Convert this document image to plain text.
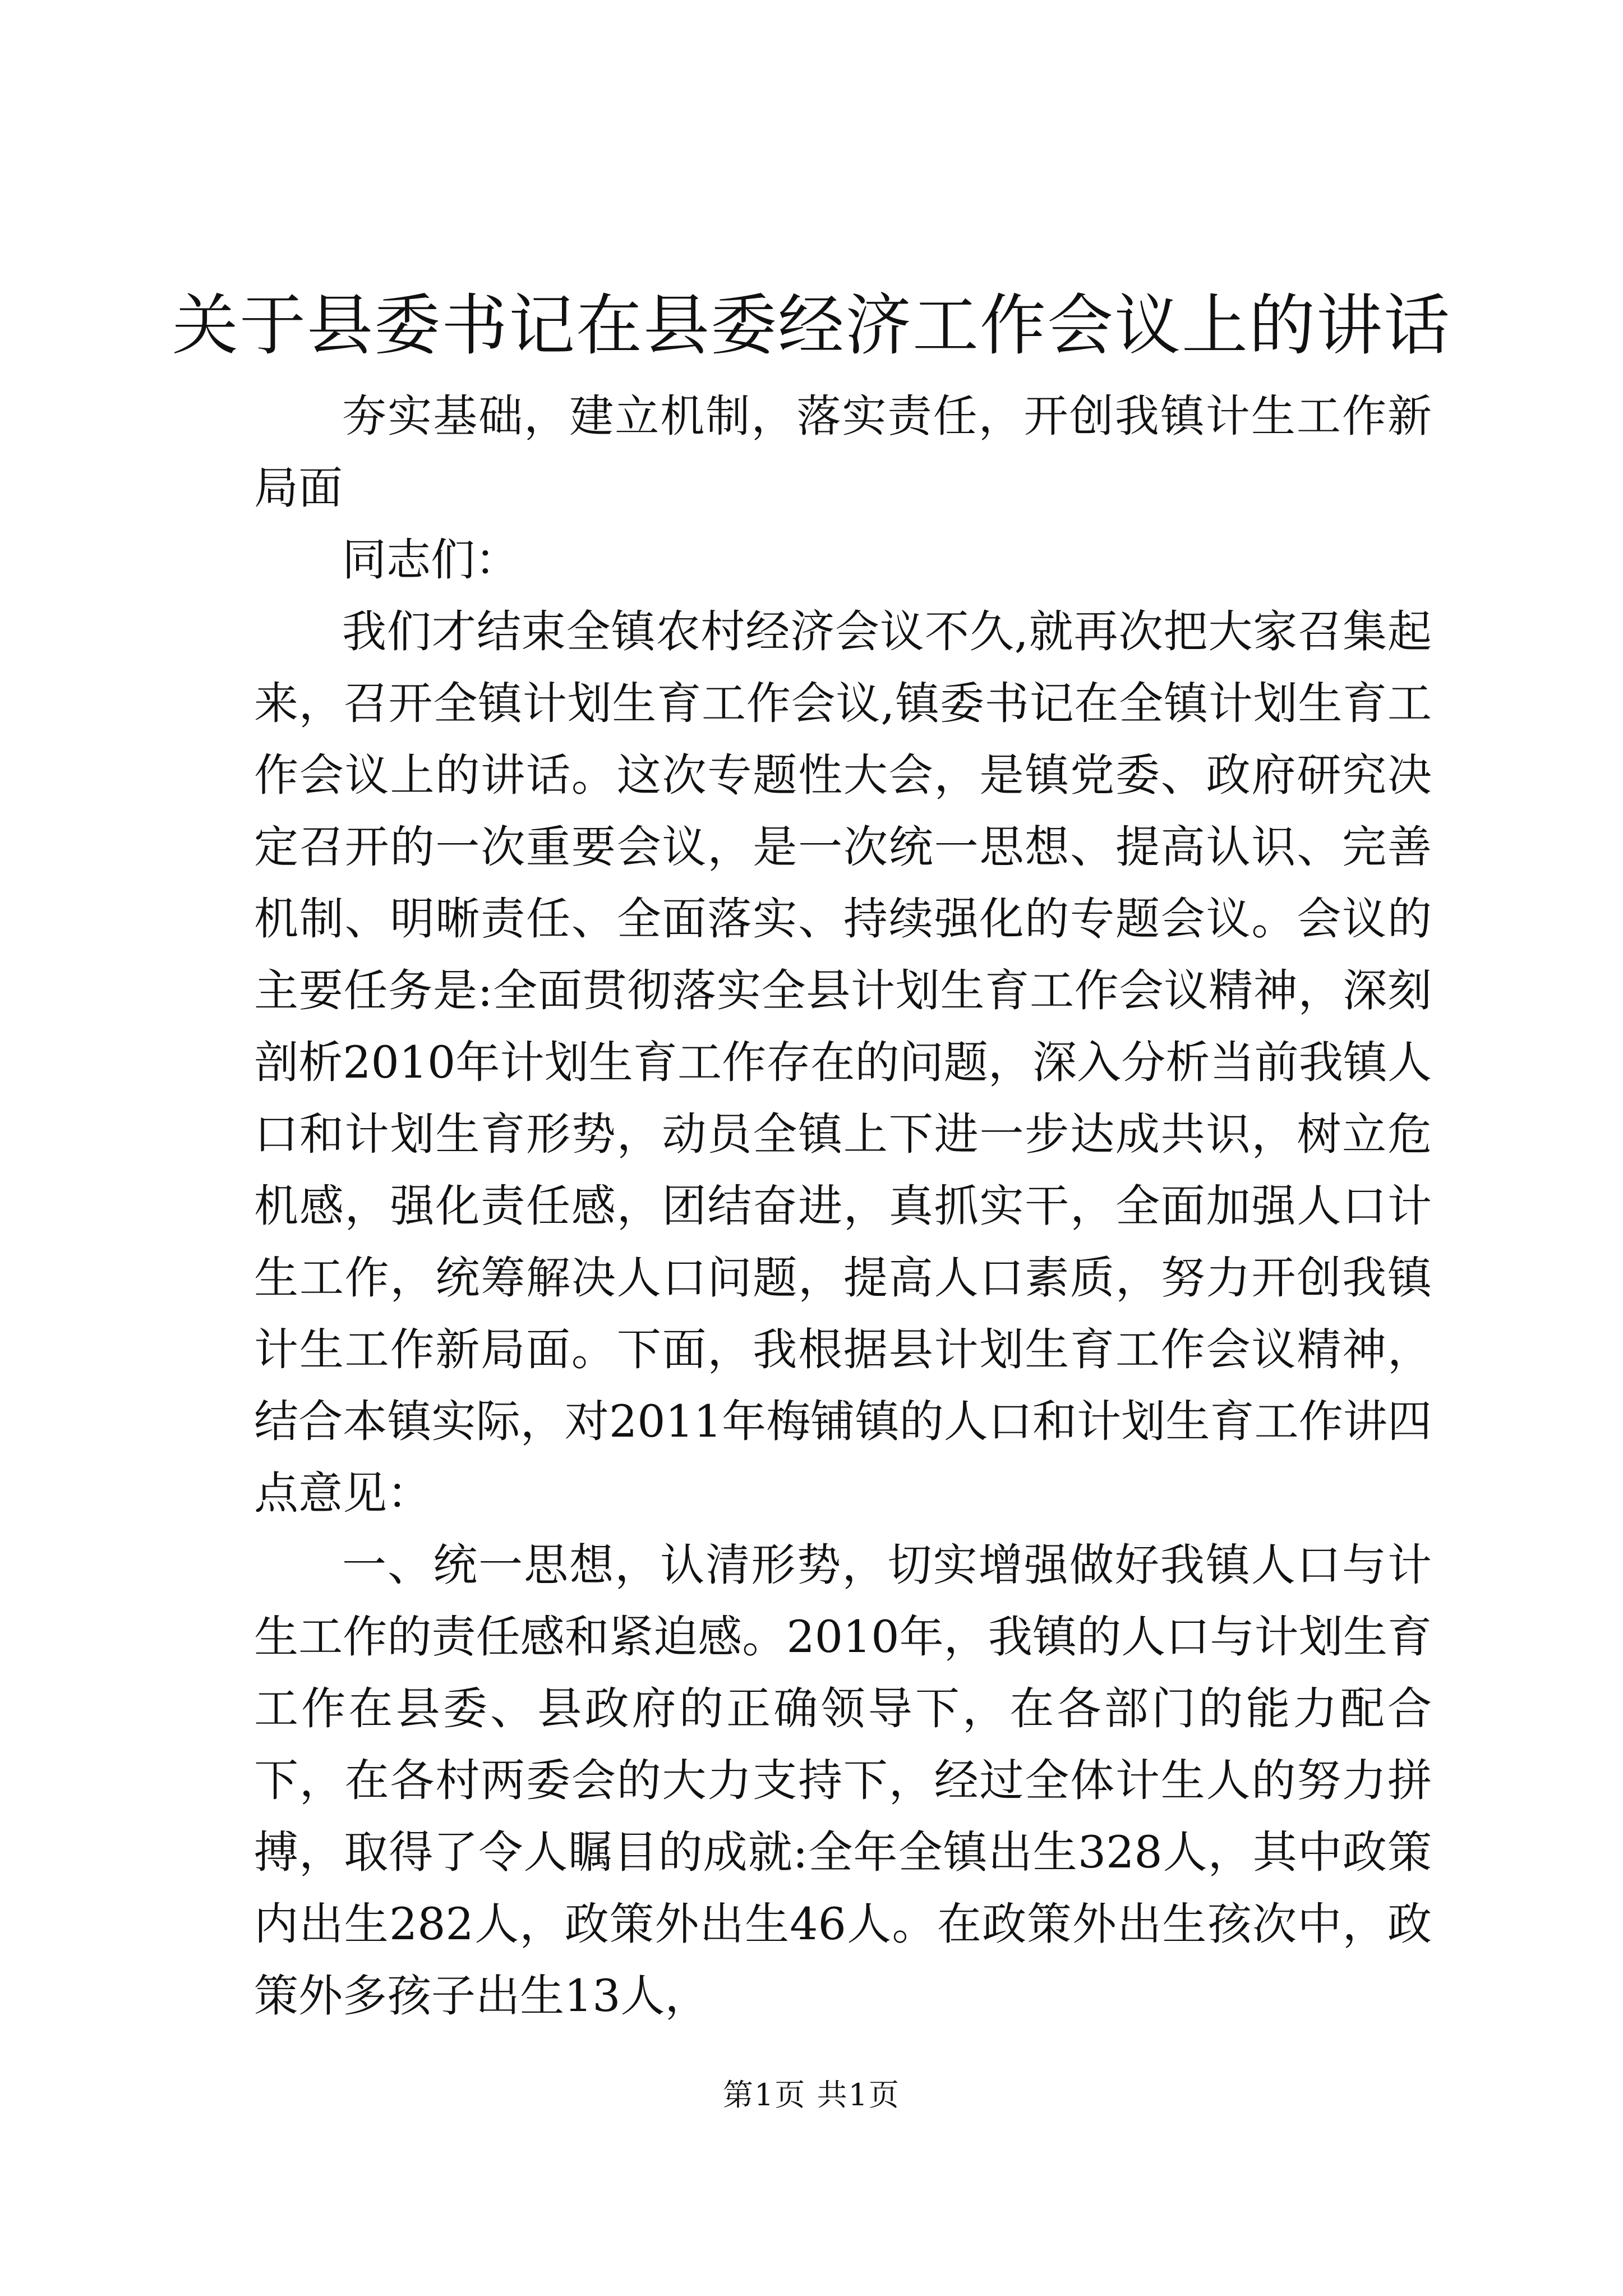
关于县委书记在县委经济工作会议上的讲话

夯实基础，建立机制，落实责任，开创我镇计生工作新局面

同志们：

我们才结束全镇农村经济会议不久,就再次把大家召集起来，召开全镇计划生育工作会议,镇委书记在全镇计划生育工作会议上的讲话。这次专题性大会，是镇党委、政府研究决定召开的一次重要会议，是一次统一思想、提高认识、完善机制、明晰责任、全面落实、持续强化的专题会议。会议的主要任务是:全面贯彻落实全县计划生育工作会议精神，深刻剖析2010年计划生育工作存在的问题，深入分析当前我镇人口和计划生育形势，动员全镇上下进一步达成共识，树立危机感，强化责任感，团结奋进，真抓实干，全面加强人口计生工作，统筹解决人口问题，提高人口素质，努力开创我镇计生工作新局面。下面，我根据县计划生育工作会议精神，结合本镇实际，对2011年梅铺镇的人口和计划生育工作讲四点意见：

一、统一思想，认清形势，切实增强做好我镇人口与计生工作的责任感和紧迫感。2010年，我镇的人口与计划生育工作在县委、县政府的正确领导下，在各部门的能力配合下，在各村两委会的大力支持下，经过全体计生人的努力拼搏，取得了令人瞩目的成就:全年全镇出生328人，其中政策内出生282人，政策外出生46人。在政策外出生孩次中，政策外多孩子出生13人，

第1页 共1页
